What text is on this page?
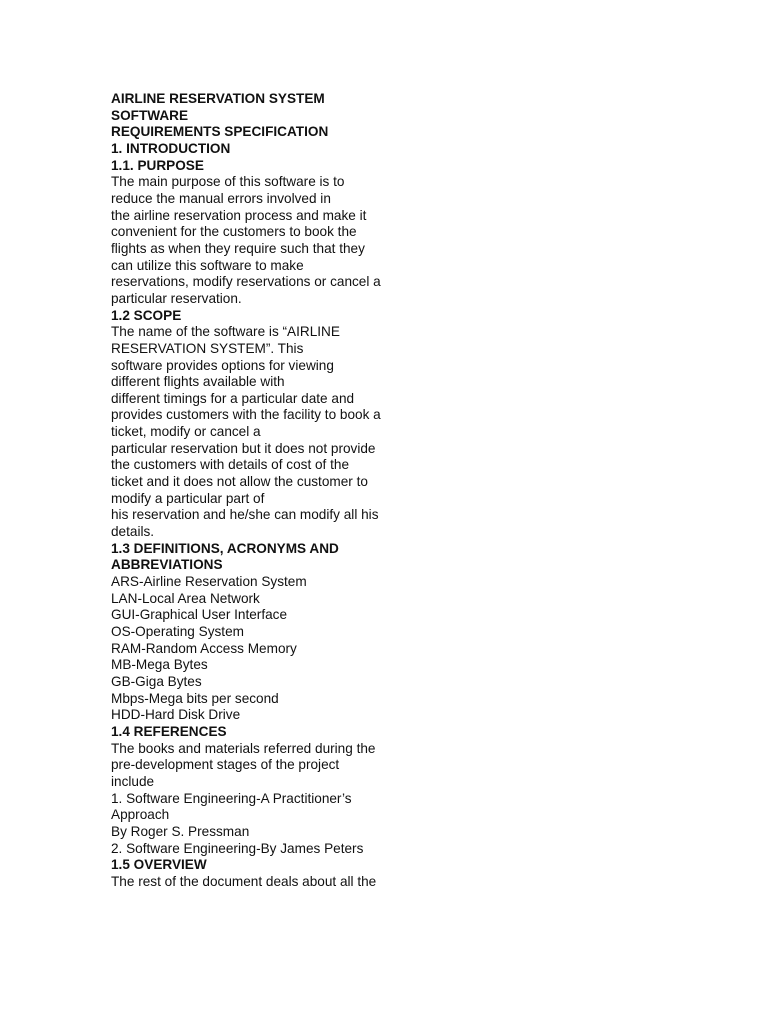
AIRLINE RESERVATION SYSTEM
SOFTWARE
REQUIREMENTS SPECIFICATION
1. INTRODUCTION
1.1. PURPOSE
The main purpose of this software is to
reduce the manual errors involved in
the airline reservation process and make it
convenient for the customers to book the
flights as when they require such that they
can utilize this software to make
reservations, modify reservations or cancel a
particular reservation.
1.2 SCOPE
The name of the software is “AIRLINE
RESERVATION SYSTEM”. This
software provides options for viewing
different flights available with
different timings for a particular date and
provides customers with the facility to book a
ticket, modify or cancel a
particular reservation but it does not provide
the customers with details of cost of the
ticket and it does not allow the customer to
modify a particular part of
his reservation and he/she can modify all his
details.
1.3 DEFINITIONS, ACRONYMS AND
ABBREVIATIONS
ARS-Airline Reservation System
LAN-Local Area Network
GUI-Graphical User Interface
OS-Operating System
RAM-Random Access Memory
MB-Mega Bytes
GB-Giga Bytes
Mbps-Mega bits per second
HDD-Hard Disk Drive
1.4 REFERENCES
The books and materials referred during the
pre-development stages of the project
include
1. Software Engineering-A Practitioner’s
Approach
By Roger S. Pressman
2. Software Engineering-By James Peters
1.5 OVERVIEW
The rest of the document deals about all the
